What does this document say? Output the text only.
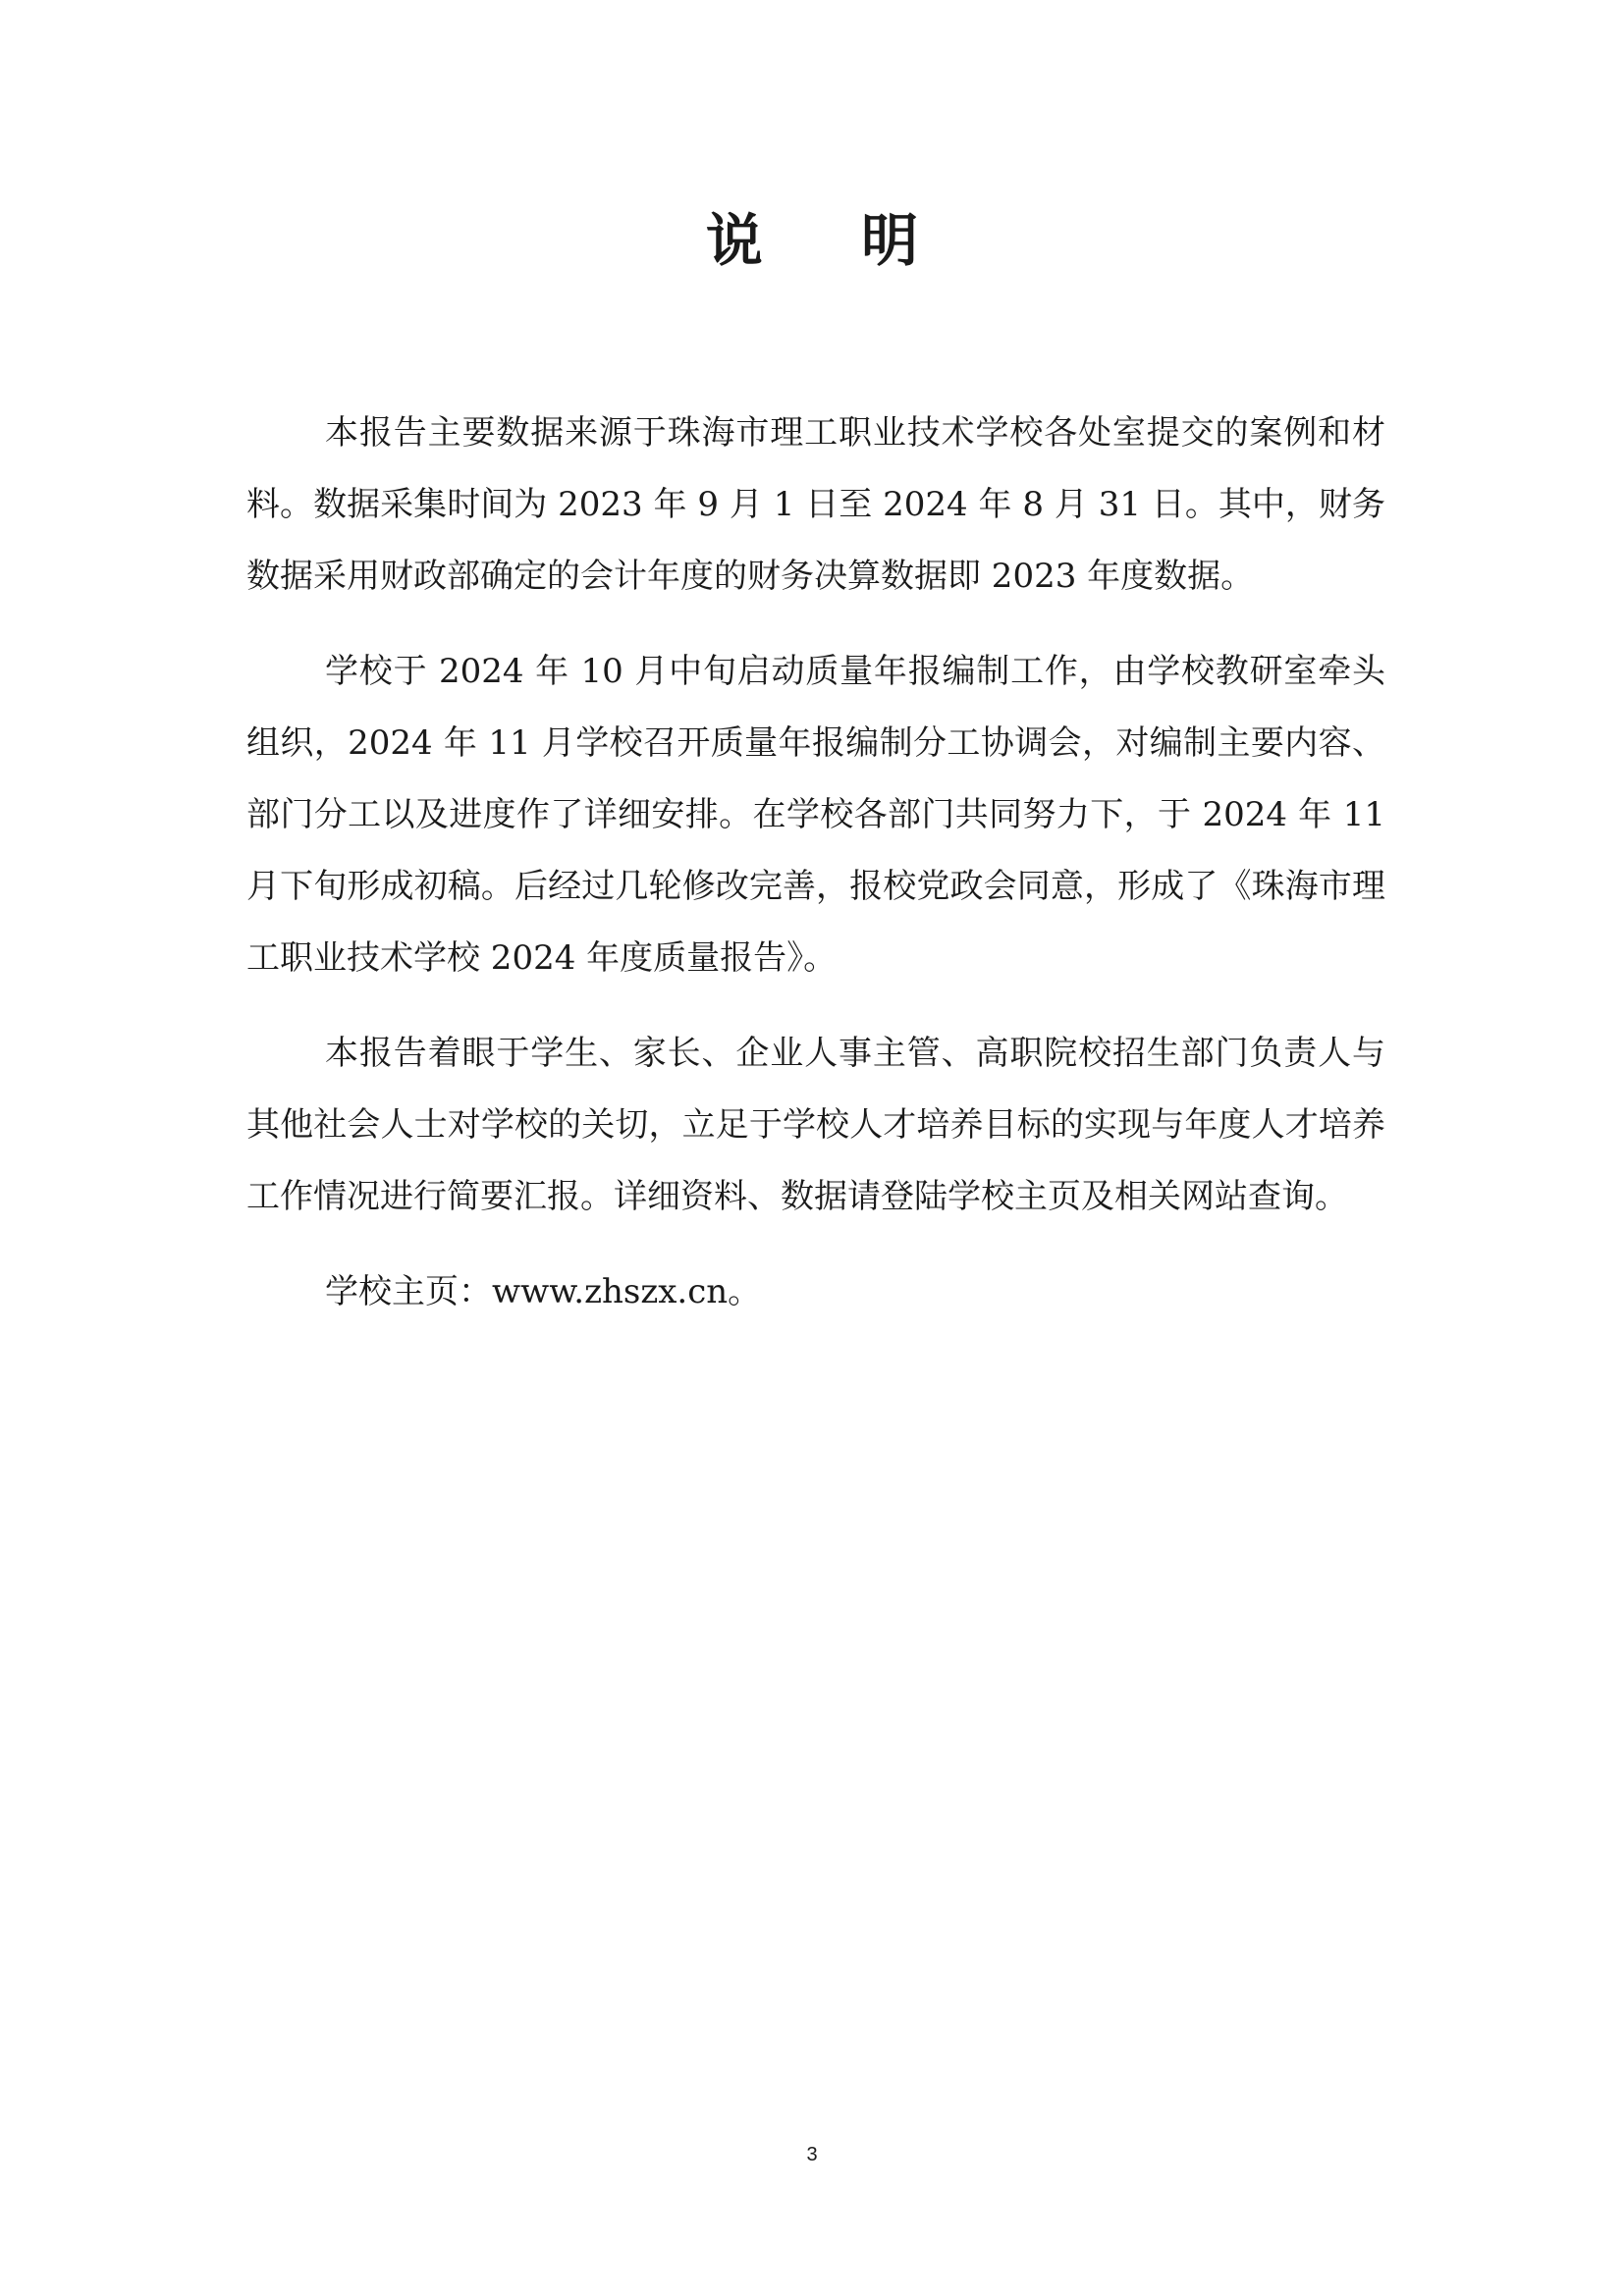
说 明

本报告主要数据来源于珠海市理工职业技术学校各处室提交的案例和材料。数据采集时间为 2023 年 9 月 1 日至 2024 年 8 月 31 日。其中，财务数据采用财政部确定的会计年度的财务决算数据即 2023 年度数据。

学校于 2024 年 10 月中旬启动质量年报编制工作，由学校教研室牵头组织，2024 年 11 月学校召开质量年报编制分工协调会，对编制主要内容、部门分工以及进度作了详细安排。在学校各部门共同努力下，于 2024 年 11 月下旬形成初稿。后经过几轮修改完善，报校党政会同意，形成了《珠海市理工职业技术学校 2024 年度质量报告》。

本报告着眼于学生、家长、企业人事主管、高职院校招生部门负责人与其他社会人士对学校的关切，立足于学校人才培养目标的实现与年度人才培养工作情况进行简要汇报。详细资料、数据请登陆学校主页及相关网站查询。

学校主页：www.zhszx.cn。

3
